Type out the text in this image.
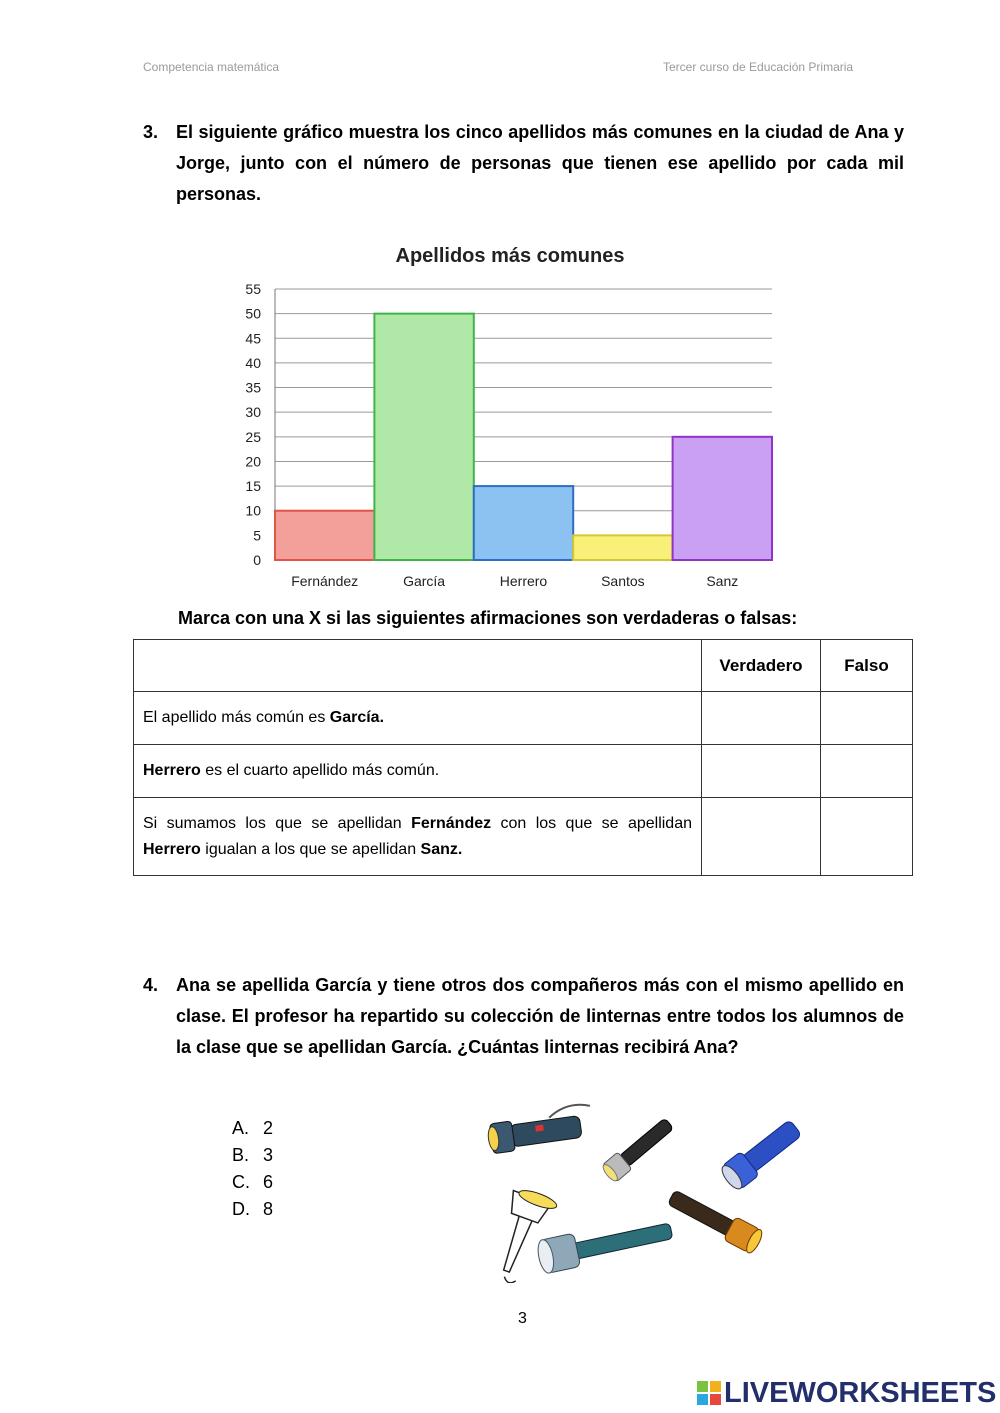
Competencia matemática	Tercer curso de Educación Primaria
3. El siguiente gráfico muestra los cinco apellidos más comunes en la ciudad de Ana y Jorge, junto con el número de personas que tienen ese apellido por cada mil personas.
Apellidos más comunes
0
5
10
15
20
25
30
35
40
45
50
55
Fernández	García	Herrero	Santos	Sanz
Marca con una X si las siguientes afirmaciones son verdaderas o falsas:
	Verdadero	Falso
El apellido más común es García.		
Herrero es el cuarto apellido más común.		
Si sumamos los que se apellidan Fernández con los que se apellidan Herrero igualan a los que se apellidan Sanz.		
4. Ana se apellida García y tiene otros dos compañeros más con el mismo apellido en clase. El profesor ha repartido su colección de linternas entre todos los alumnos de la clase que se apellidan García. ¿Cuántas linternas recibirá Ana?
A. 2
B. 3
C. 6
D. 8
3
LIVEWORKSHEETS
